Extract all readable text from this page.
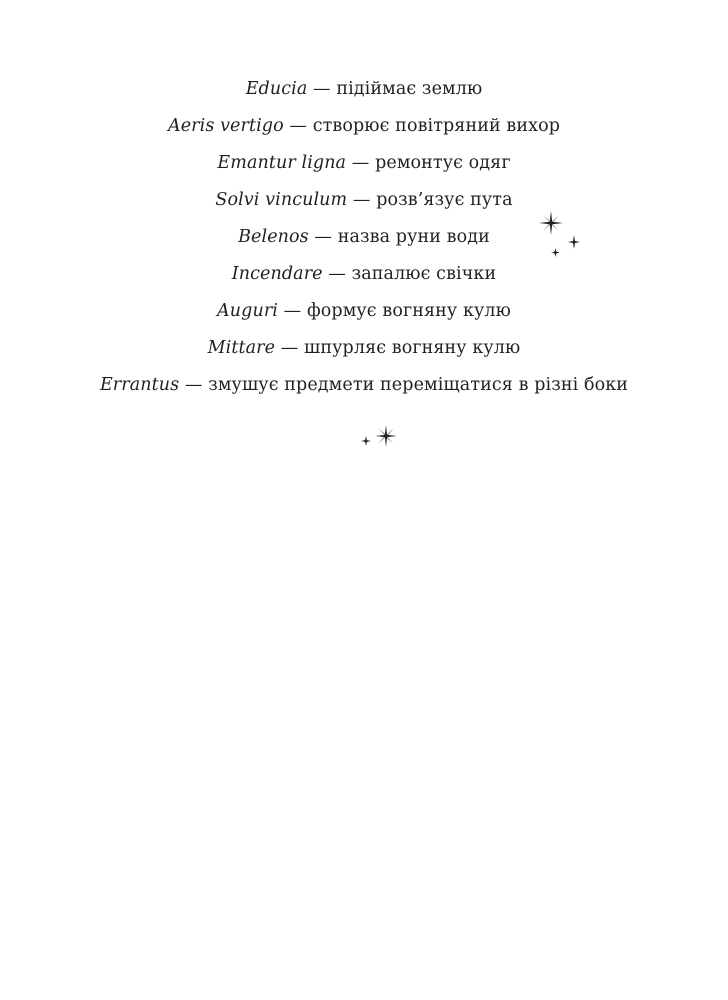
Educia — підіймає землю
Aeris vertigo — створює повітряний вихор
Emantur ligna — ремонтує одяг
Solvi vinculum — розв’язує пута
Belenos — назва руни води
Incendare — запалює свічки
Auguri — формує вогняну кулю
Mittare — шпурляє вогняну кулю
Errantus — змушує предмети переміщатися в різні боки
